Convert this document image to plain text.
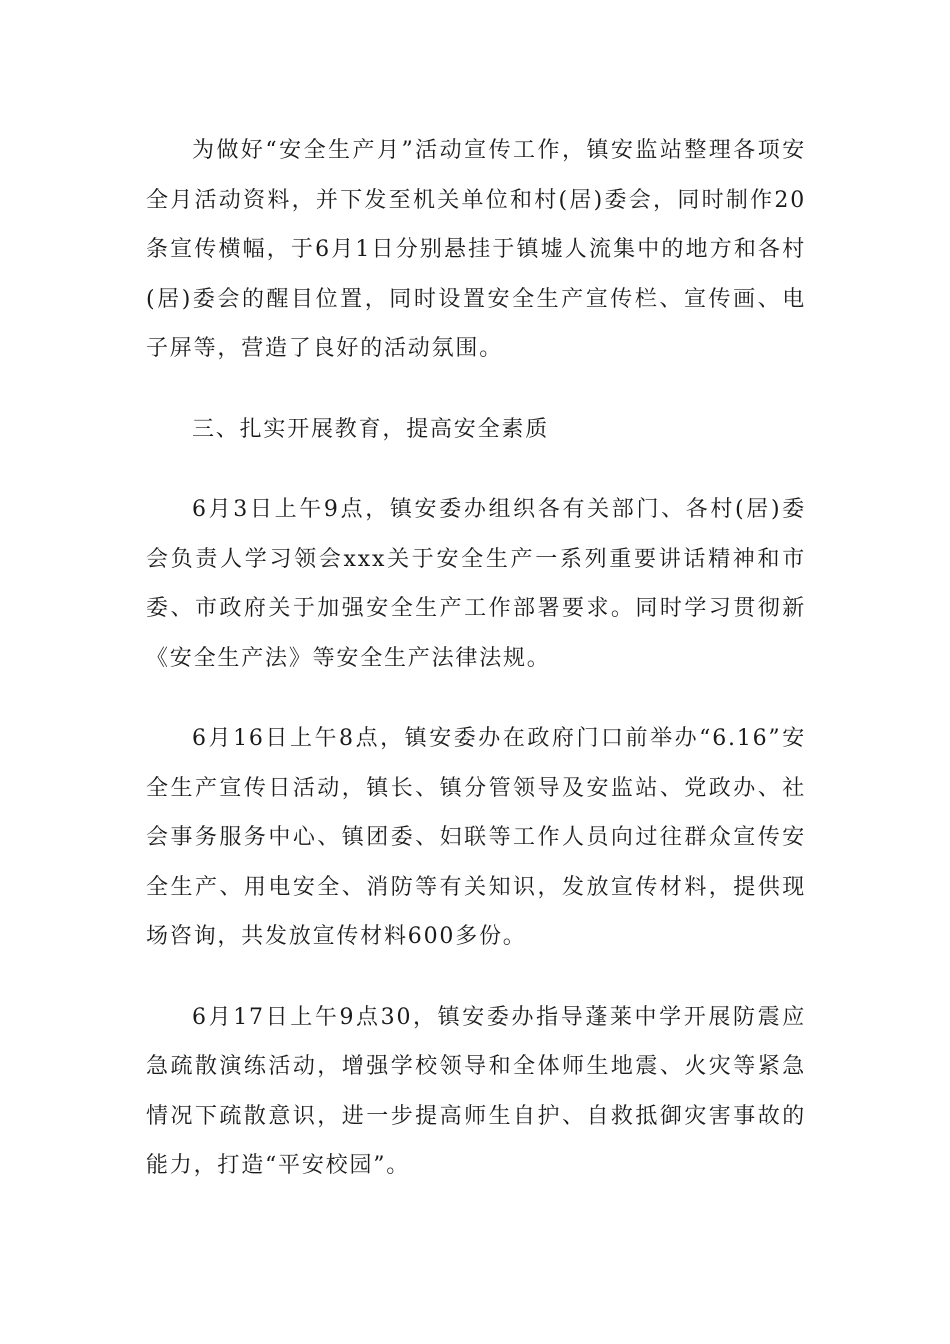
为做好“安全生产月”活动宣传工作，镇安监站整理各项安全月活动资料，并下发至机关单位和村(居)委会，同时制作20条宣传横幅，于6月1日分别悬挂于镇墟人流集中的地方和各村(居)委会的醒目位置，同时设置安全生产宣传栏、宣传画、电子屏等，营造了良好的活动氛围。

三、扎实开展教育，提高安全素质

6月3日上午9点，镇安委办组织各有关部门、各村(居)委会负责人学习领会xxx关于安全生产一系列重要讲话精神和市委、市政府关于加强安全生产工作部署要求。同时学习贯彻新《安全生产法》等安全生产法律法规。

6月16日上午8点，镇安委办在政府门口前举办“6.16”安全生产宣传日活动，镇长、镇分管领导及安监站、党政办、社会事务服务中心、镇团委、妇联等工作人员向过往群众宣传安全生产、用电安全、消防等有关知识，发放宣传材料，提供现场咨询，共发放宣传材料600多份。

6月17日上午9点30，镇安委办指导蓬莱中学开展防震应急疏散演练活动，增强学校领导和全体师生地震、火灾等紧急情况下疏散意识，进一步提高师生自护、自救抵御灾害事故的能力，打造“平安校园”。
